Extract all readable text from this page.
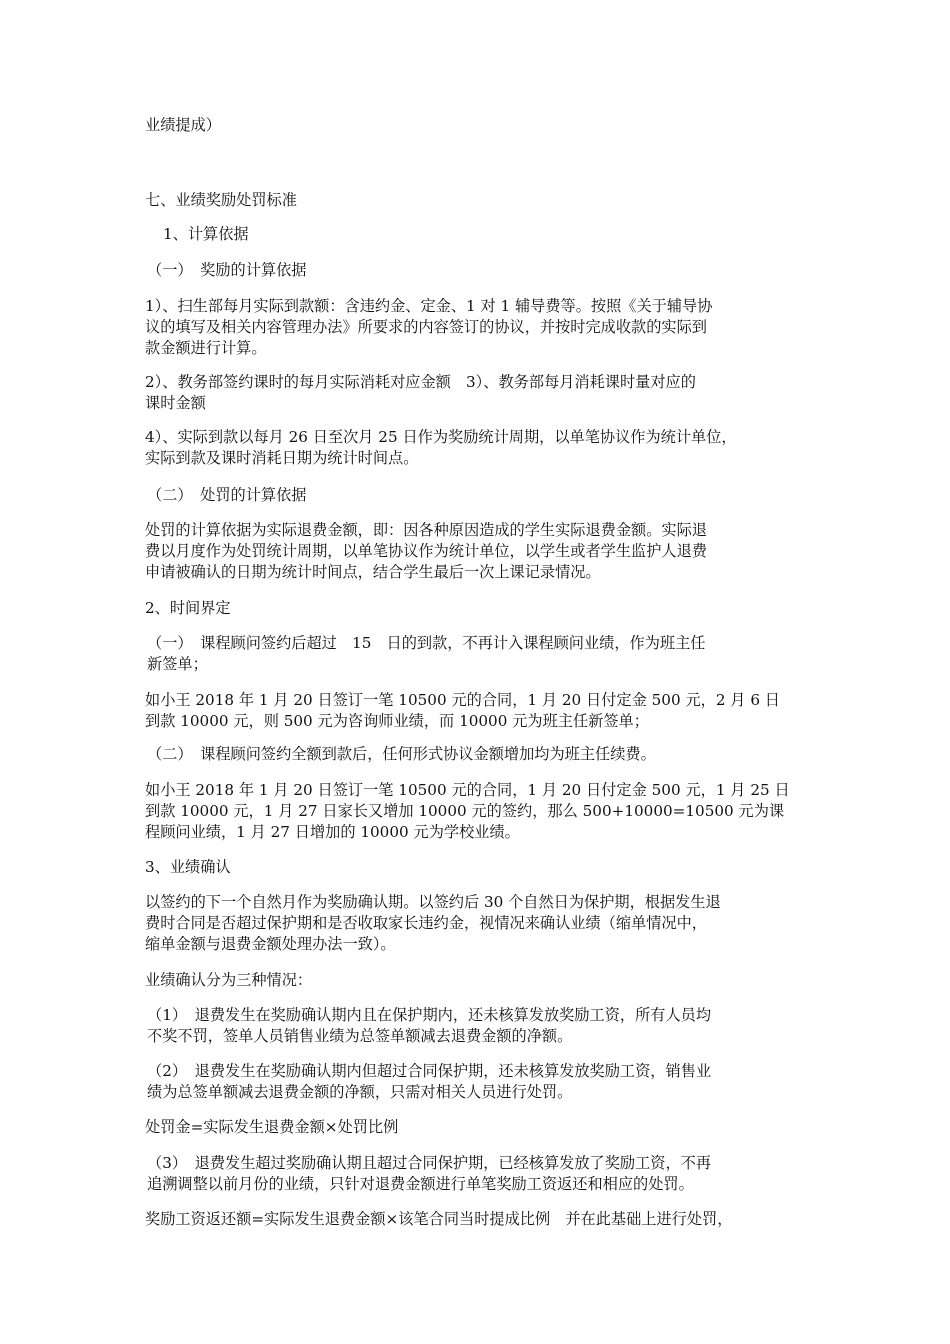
业绩提成）

七、业绩奖励处罚标准

1、计算依据

（一）　奖励的计算依据

1）、扫生部每月实际到款额：含违约金、定金、1 对 1 辅导费等。按照《关于辅导协
议的填写及相关内容管理办法》所要求的内容签订的协议，并按时完成收款的实际到
款金额进行计算。

2）、教务部签约课时的每月实际消耗对应金额　3）、教务部每月消耗课时量对应的
课时金额

4）、实际到款以每月 26 日至次月 25 日作为奖励统计周期，以单笔协议作为统计单位，
实际到款及课时消耗日期为统计时间点。

（二）　处罚的计算依据

处罚的计算依据为实际退费金额，即：因各种原因造成的学生实际退费金额。实际退
费以月度作为处罚统计周期，以单笔协议作为统计单位，以学生或者学生监护人退费
申请被确认的日期为统计时间点，结合学生最后一次上课记录情况。

2、时间界定

（一）　课程顾问签约后超过　15　日的到款，不再计入课程顾问业绩，作为班主任
新签单；

如小王 2018 年 1 月 20 日签订一笔 10500 元的合同，1 月 20 日付定金 500 元，2 月 6 日
到款 10000 元，则 500 元为咨询师业绩，而 10000 元为班主任新签单；

（二）　课程顾问签约全额到款后，任何形式协议金额增加均为班主任续费。

如小王 2018 年 1 月 20 日签订一笔 10500 元的合同，1 月 20 日付定金 500 元，1 月 25 日
到款 10000 元，1 月 27 日家长又增加 10000 元的签约，那么 500+10000=10500 元为课
程顾问业绩，1 月 27 日增加的 10000 元为学校业绩。

3、业绩确认

以签约的下一个自然月作为奖励确认期。以签约后 30 个自然日为保护期，根据发生退
费时合同是否超过保护期和是否收取家长违约金，视情况来确认业绩（缩单情况中，
缩单金额与退费金额处理办法一致）。

业绩确认分为三种情况：

（1）　退费发生在奖励确认期内且在保护期内，还未核算发放奖励工资，所有人员均
不奖不罚，签单人员销售业绩为总签单额减去退费金额的净额。

（2）　退费发生在奖励确认期内但超过合同保护期，还未核算发放奖励工资，销售业
绩为总签单额减去退费金额的净额，只需对相关人员进行处罚。

处罚金=实际发生退费金额×处罚比例

（3）　退费发生超过奖励确认期且超过合同保护期，已经核算发放了奖励工资，不再
追溯调整以前月份的业绩，只针对退费金额进行单笔奖励工资返还和相应的处罚。

奖励工资返还额=实际发生退费金额×该笔合同当时提成比例　并在此基础上进行处罚，
